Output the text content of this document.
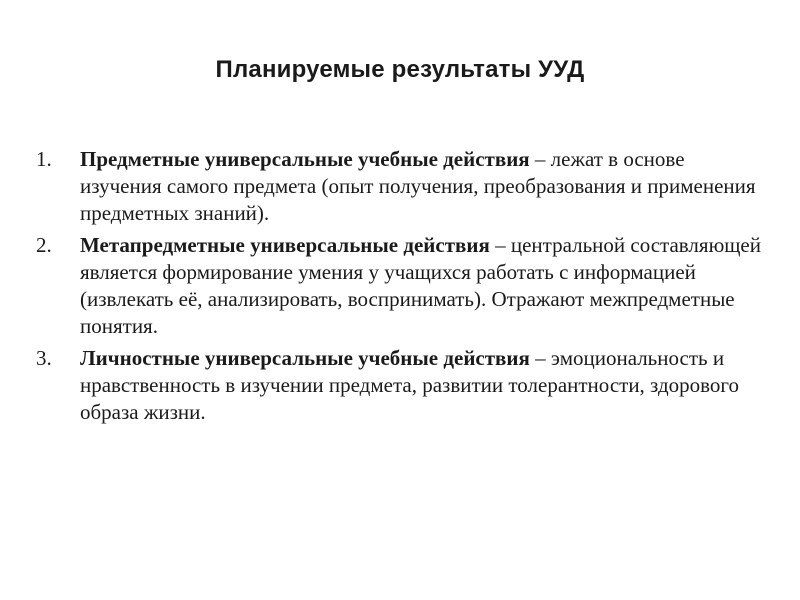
Планируемые результаты УУД
1. Предметные универсальные учебные действия – лежат в основе изучения самого предмета (опыт получения, преобразования и применения предметных знаний).
2. Метапредметные универсальные действия – центральной составляющей является формирование умения у учащихся работать с информацией (извлекать её, анализировать, воспринимать). Отражают межпредметные понятия.
3. Личностные универсальные учебные действия – эмоциональность и нравственность в изучении предмета, развитии толерантности, здорового образа жизни.
